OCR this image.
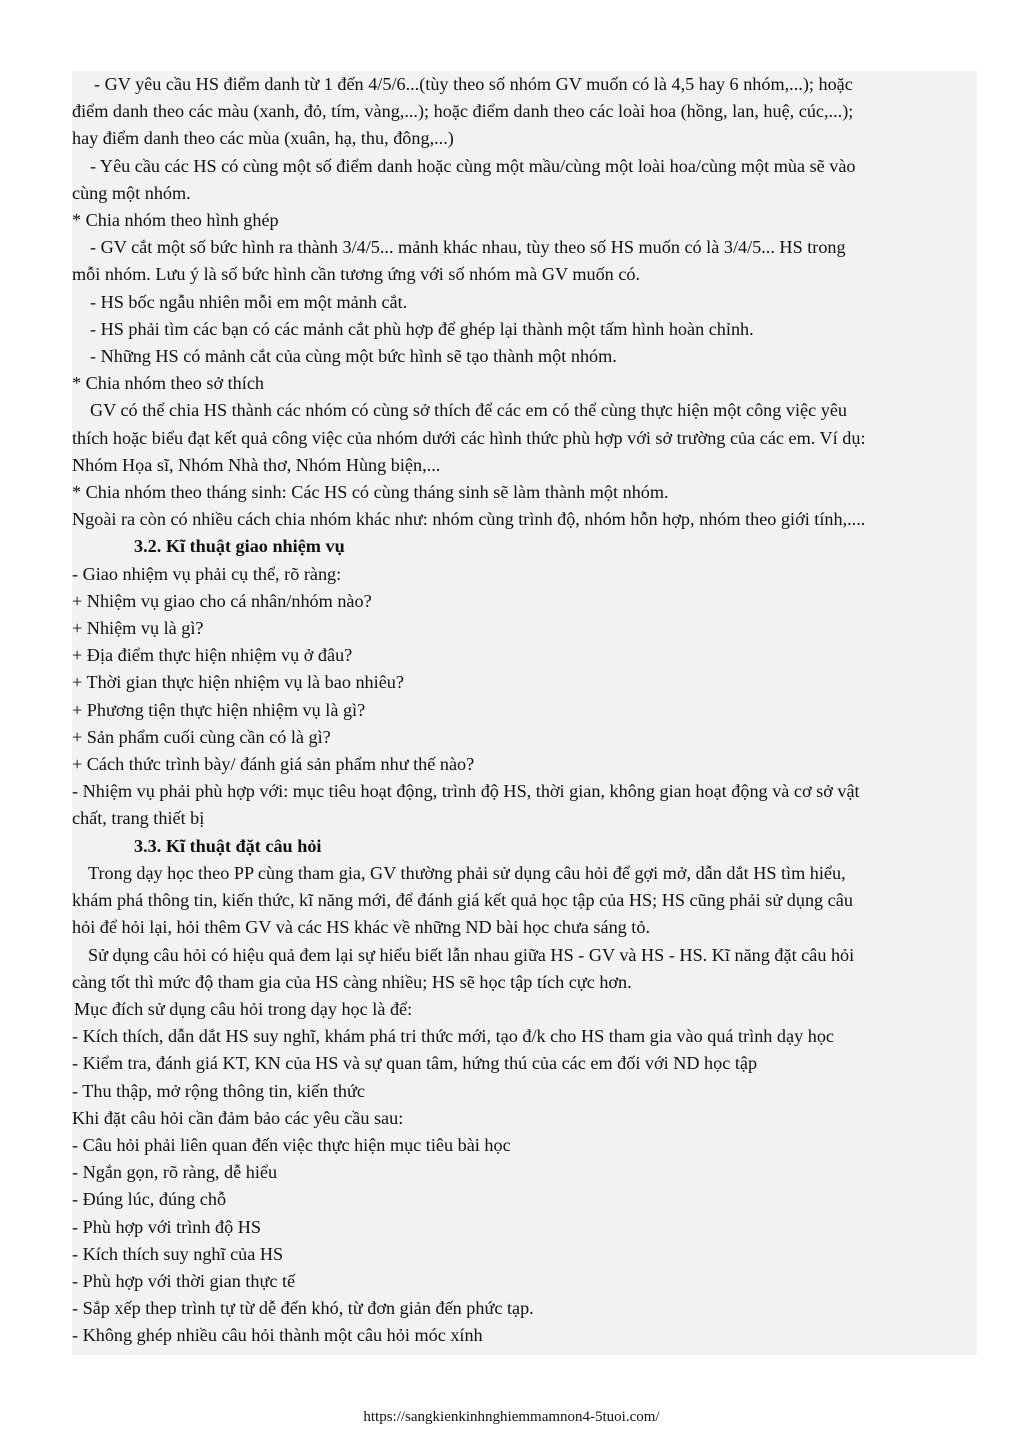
- GV yêu cầu HS điểm danh từ 1 đến 4/5/6...(tùy theo số nhóm GV muốn có là 4,5 hay 6 nhóm,...); hoặc
điểm danh theo các màu (xanh, đỏ, tím, vàng,...); hoặc điểm danh theo các loài hoa (hồng, lan, huệ, cúc,...);
hay điểm danh theo các mùa (xuân, hạ, thu, đông,...)
- Yêu cầu các HS có cùng một số điểm danh hoặc cùng một mầu/cùng một loài hoa/cùng một mùa sẽ vào
cùng một nhóm.
* Chia nhóm theo hình ghép
- GV cắt một số bức hình ra thành 3/4/5... mảnh khác nhau, tùy theo số HS muốn có là 3/4/5... HS trong
mỗi nhóm. Lưu ý là số bức hình cần tương ứng với số nhóm mà GV muốn có.
- HS bốc ngẫu nhiên mỗi em một mảnh cắt.
- HS phải tìm các bạn có các mảnh cắt phù hợp để ghép lại thành một tấm hình hoàn chỉnh.
- Những HS có mảnh cắt của cùng một bức hình sẽ tạo thành một nhóm.
* Chia nhóm theo sở thích
GV có thể chia HS thành các nhóm có cùng sở thích để các em có thể cùng thực hiện một công việc yêu
thích hoặc biểu đạt kết quả công việc của nhóm dưới các hình thức phù hợp với sở trường của các em. Ví dụ:
Nhóm Họa sĩ, Nhóm Nhà thơ, Nhóm Hùng biện,...
* Chia nhóm theo tháng sinh: Các HS có cùng tháng sinh sẽ làm thành một nhóm.
Ngoài ra còn có nhiều cách chia nhóm khác như: nhóm cùng trình độ, nhóm hỗn hợp, nhóm theo giới tính,....
3.2. Kĩ thuật giao nhiệm vụ
- Giao nhiệm vụ phải cụ thể, rõ ràng:
+ Nhiệm vụ giao cho cá nhân/nhóm nào?
+ Nhiệm vụ là gì?
+ Địa điểm thực hiện nhiệm vụ ở đâu?
+ Thời gian thực hiện nhiệm vụ là bao nhiêu?
+ Phương tiện thực hiện nhiệm vụ là gì?
+ Sản phẩm cuối cùng cần có là gì?
+ Cách thức trình bày/ đánh giá sản phẩm như thế nào?
- Nhiệm vụ phải phù hợp với: mục tiêu hoạt động, trình độ HS, thời gian, không gian hoạt động và cơ sở vật
chất, trang thiết bị
3.3. Kĩ thuật đặt câu hỏi
Trong dạy học theo PP cùng tham gia, GV thường phải sử dụng câu hỏi để gợi mở, dẫn dắt HS tìm hiểu,
khám phá thông tin, kiến thức, kĩ năng mới, để đánh giá kết quả học tập của HS; HS cũng phải sử dụng câu
hỏi để hỏi lại, hỏi thêm GV và các HS khác về những ND bài học chưa sáng tỏ.
Sử dụng câu hỏi có hiệu quả đem lại sự hiểu biết lẫn nhau giữa HS - GV và HS - HS. Kĩ năng đặt câu hỏi
càng tốt thì mức độ tham gia của HS càng nhiều; HS sẽ học tập tích cực hơn.
Mục đích sử dụng câu hỏi trong dạy học là để:
- Kích thích, dẫn dắt HS suy nghĩ, khám phá tri thức mới, tạo đ/k cho HS tham gia vào quá trình dạy học
- Kiểm tra, đánh giá KT, KN của HS và sự quan tâm, hứng thú của các em đối với ND học tập
- Thu thập, mở rộng thông tin, kiến thức
Khi đặt câu hỏi cần đảm bảo các yêu cầu sau:
- Câu hỏi phải liên quan đến việc thực hiện mục tiêu bài học
- Ngắn gọn, rõ ràng, dễ hiểu
- Đúng lúc, đúng chỗ
- Phù hợp với trình độ HS
- Kích thích suy nghĩ của HS
- Phù hợp với thời gian thực tế
- Sắp xếp thep trình tự từ dễ đến khó, từ đơn giản đến phức tạp.
- Không ghép nhiều câu hỏi thành một câu hỏi móc xính
https://sangkienkinhnghiemmamnon4-5tuoi.com/
